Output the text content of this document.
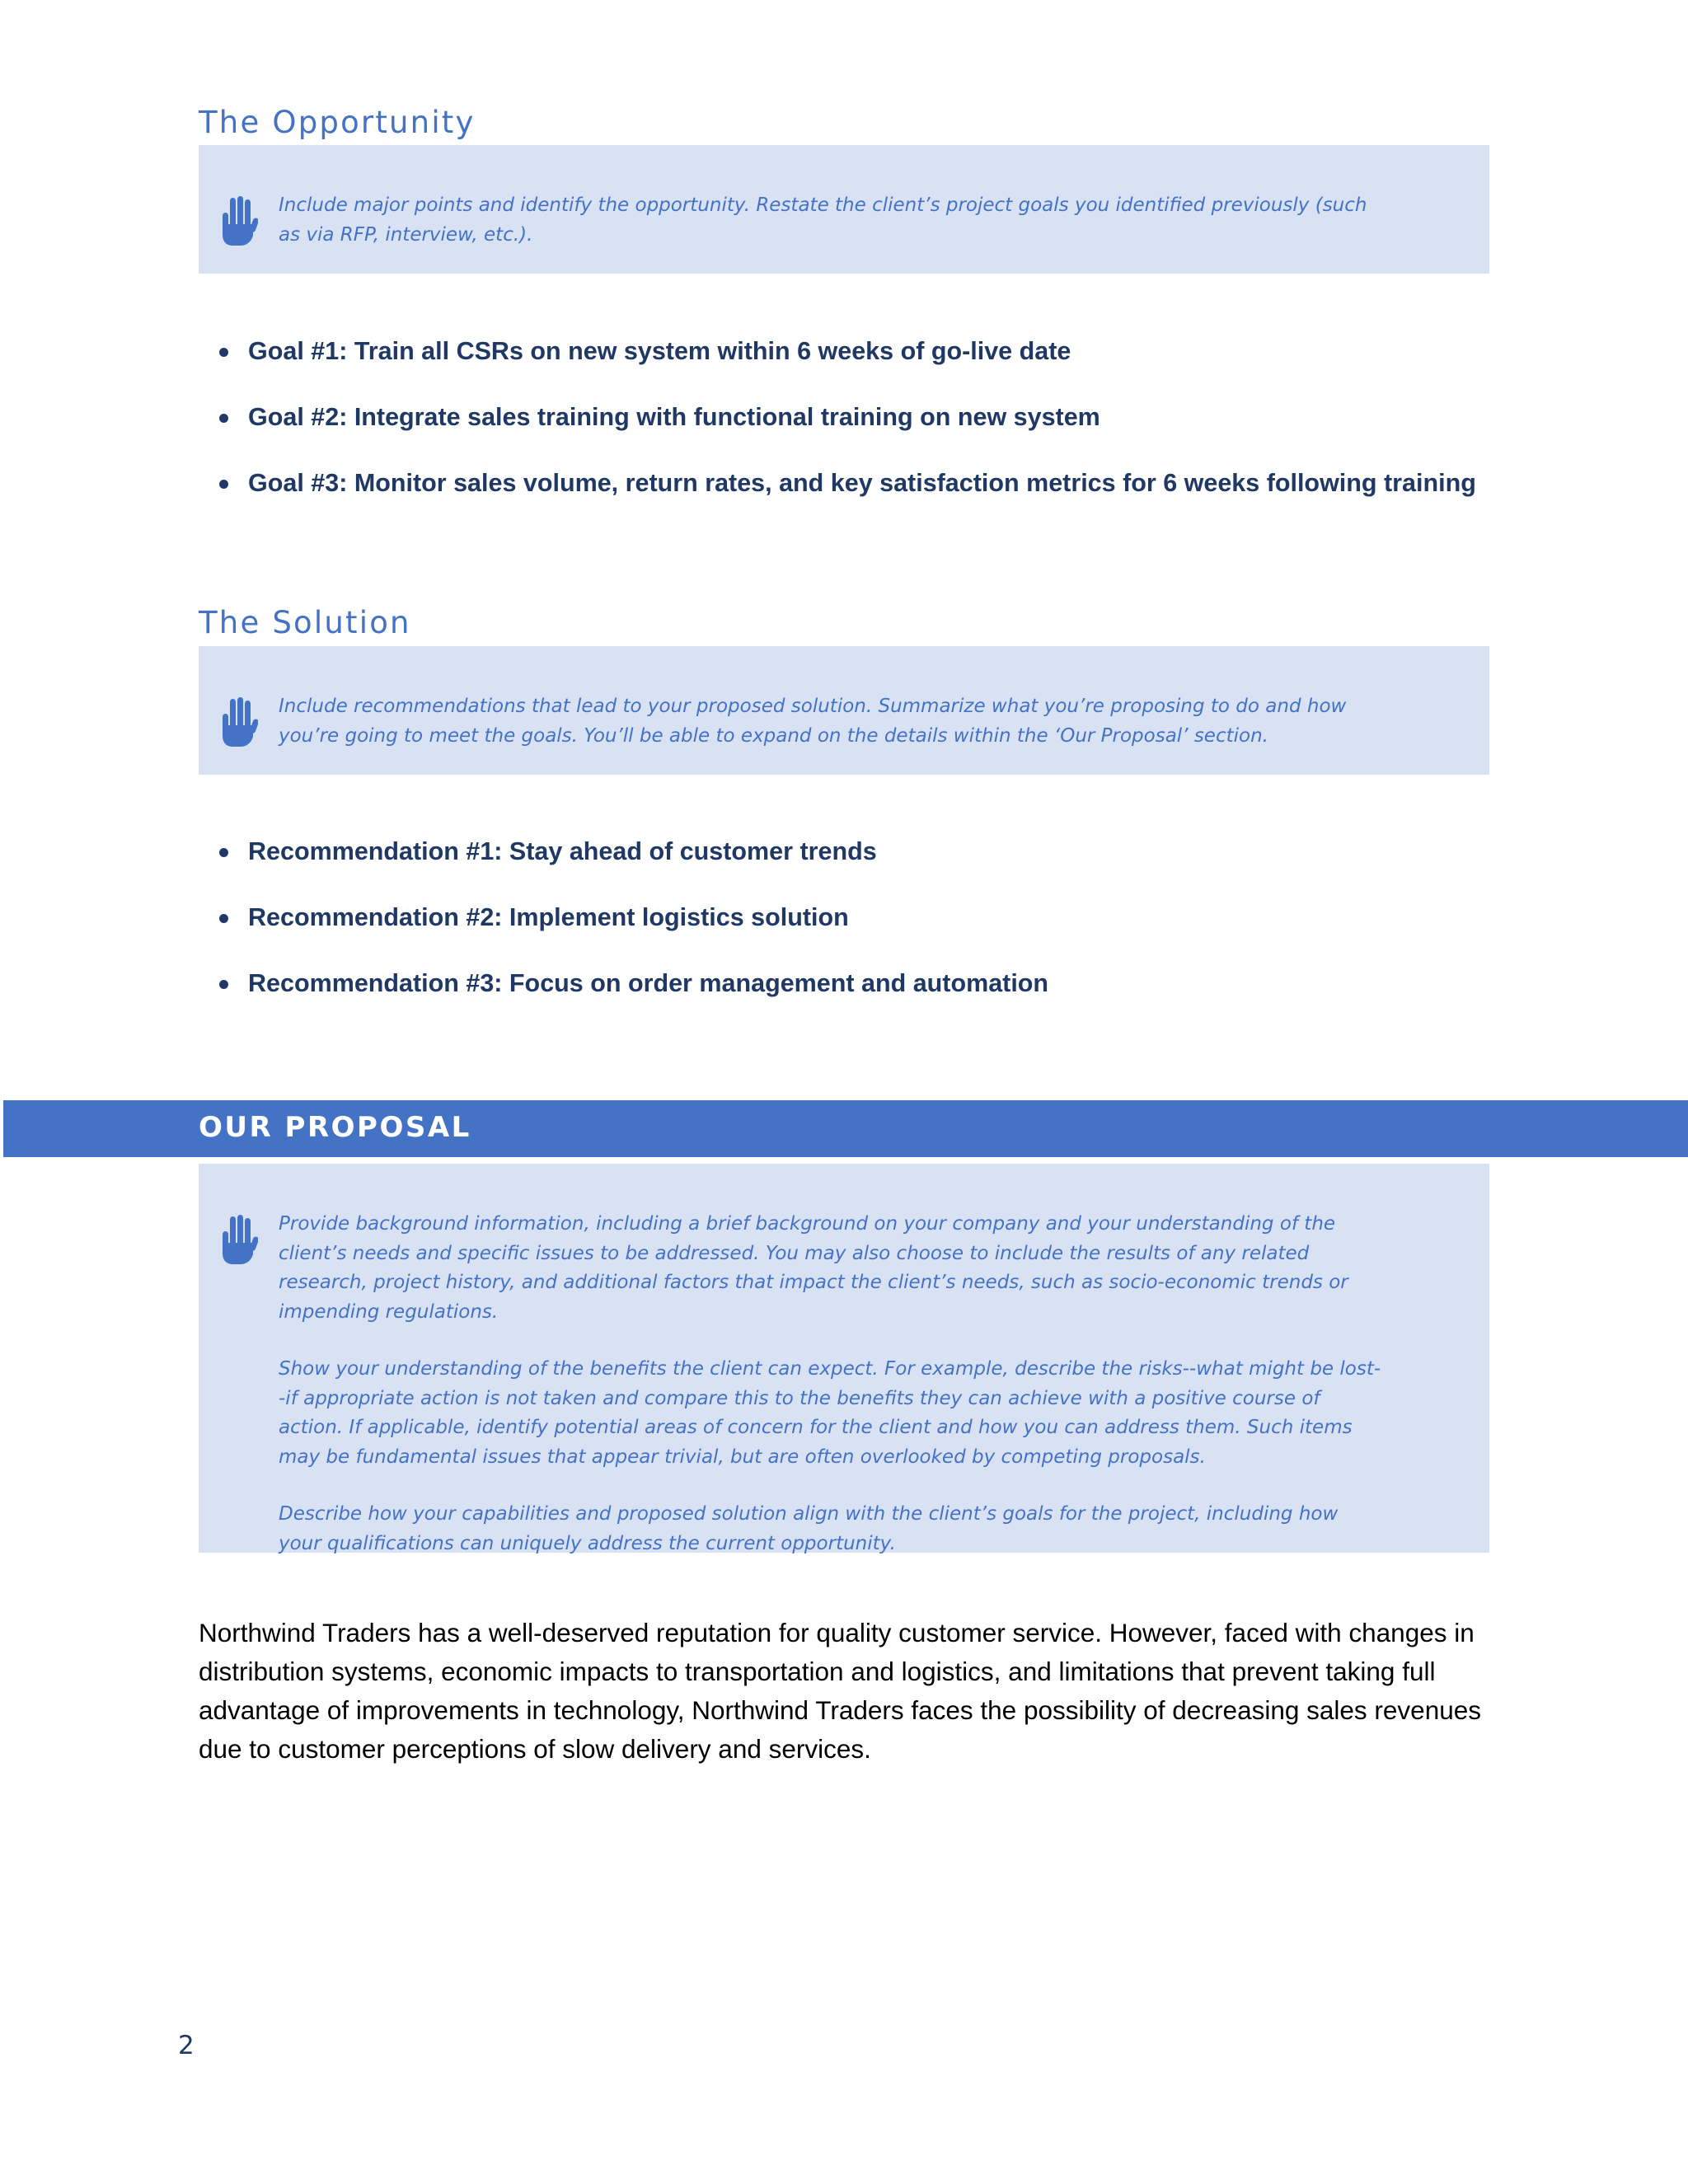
The Opportunity

Include major points and identify the opportunity. Restate the client’s project goals you identified previously (such as via RFP, interview, etc.).

Goal #1: Train all CSRs on new system within 6 weeks of go-live date
Goal #2: Integrate sales training with functional training on new system
Goal #3: Monitor sales volume, return rates, and key satisfaction metrics for 6 weeks following training
The Solution

Include recommendations that lead to your proposed solution. Summarize what you’re proposing to do and how you’re going to meet the goals. You’ll be able to expand on the details within the ‘Our Proposal’ section.

Recommendation #1: Stay ahead of customer trends
Recommendation #2: Implement logistics solution
Recommendation #3: Focus on order management and automation
OUR PROPOSAL

Provide background information, including a brief background on your company and your understanding of the client’s needs and specific issues to be addressed. You may also choose to include the results of any related research, project history, and additional factors that impact the client’s needs, such as socio-economic trends or impending regulations.

Show your understanding of the benefits the client can expect. For example, describe the risks--what might be lost--if appropriate action is not taken and compare this to the benefits they can achieve with a positive course of action. If applicable, identify potential areas of concern for the client and how you can address them. Such items may be fundamental issues that appear trivial, but are often overlooked by competing proposals.

Describe how your capabilities and proposed solution align with the client’s goals for the project, including how your qualifications can uniquely address the current opportunity.

Northwind Traders has a well-deserved reputation for quality customer service. However, faced with changes in distribution systems, economic impacts to transportation and logistics, and limitations that prevent taking full advantage of improvements in technology, Northwind Traders faces the possibility of decreasing sales revenues due to customer perceptions of slow delivery and services.

2
